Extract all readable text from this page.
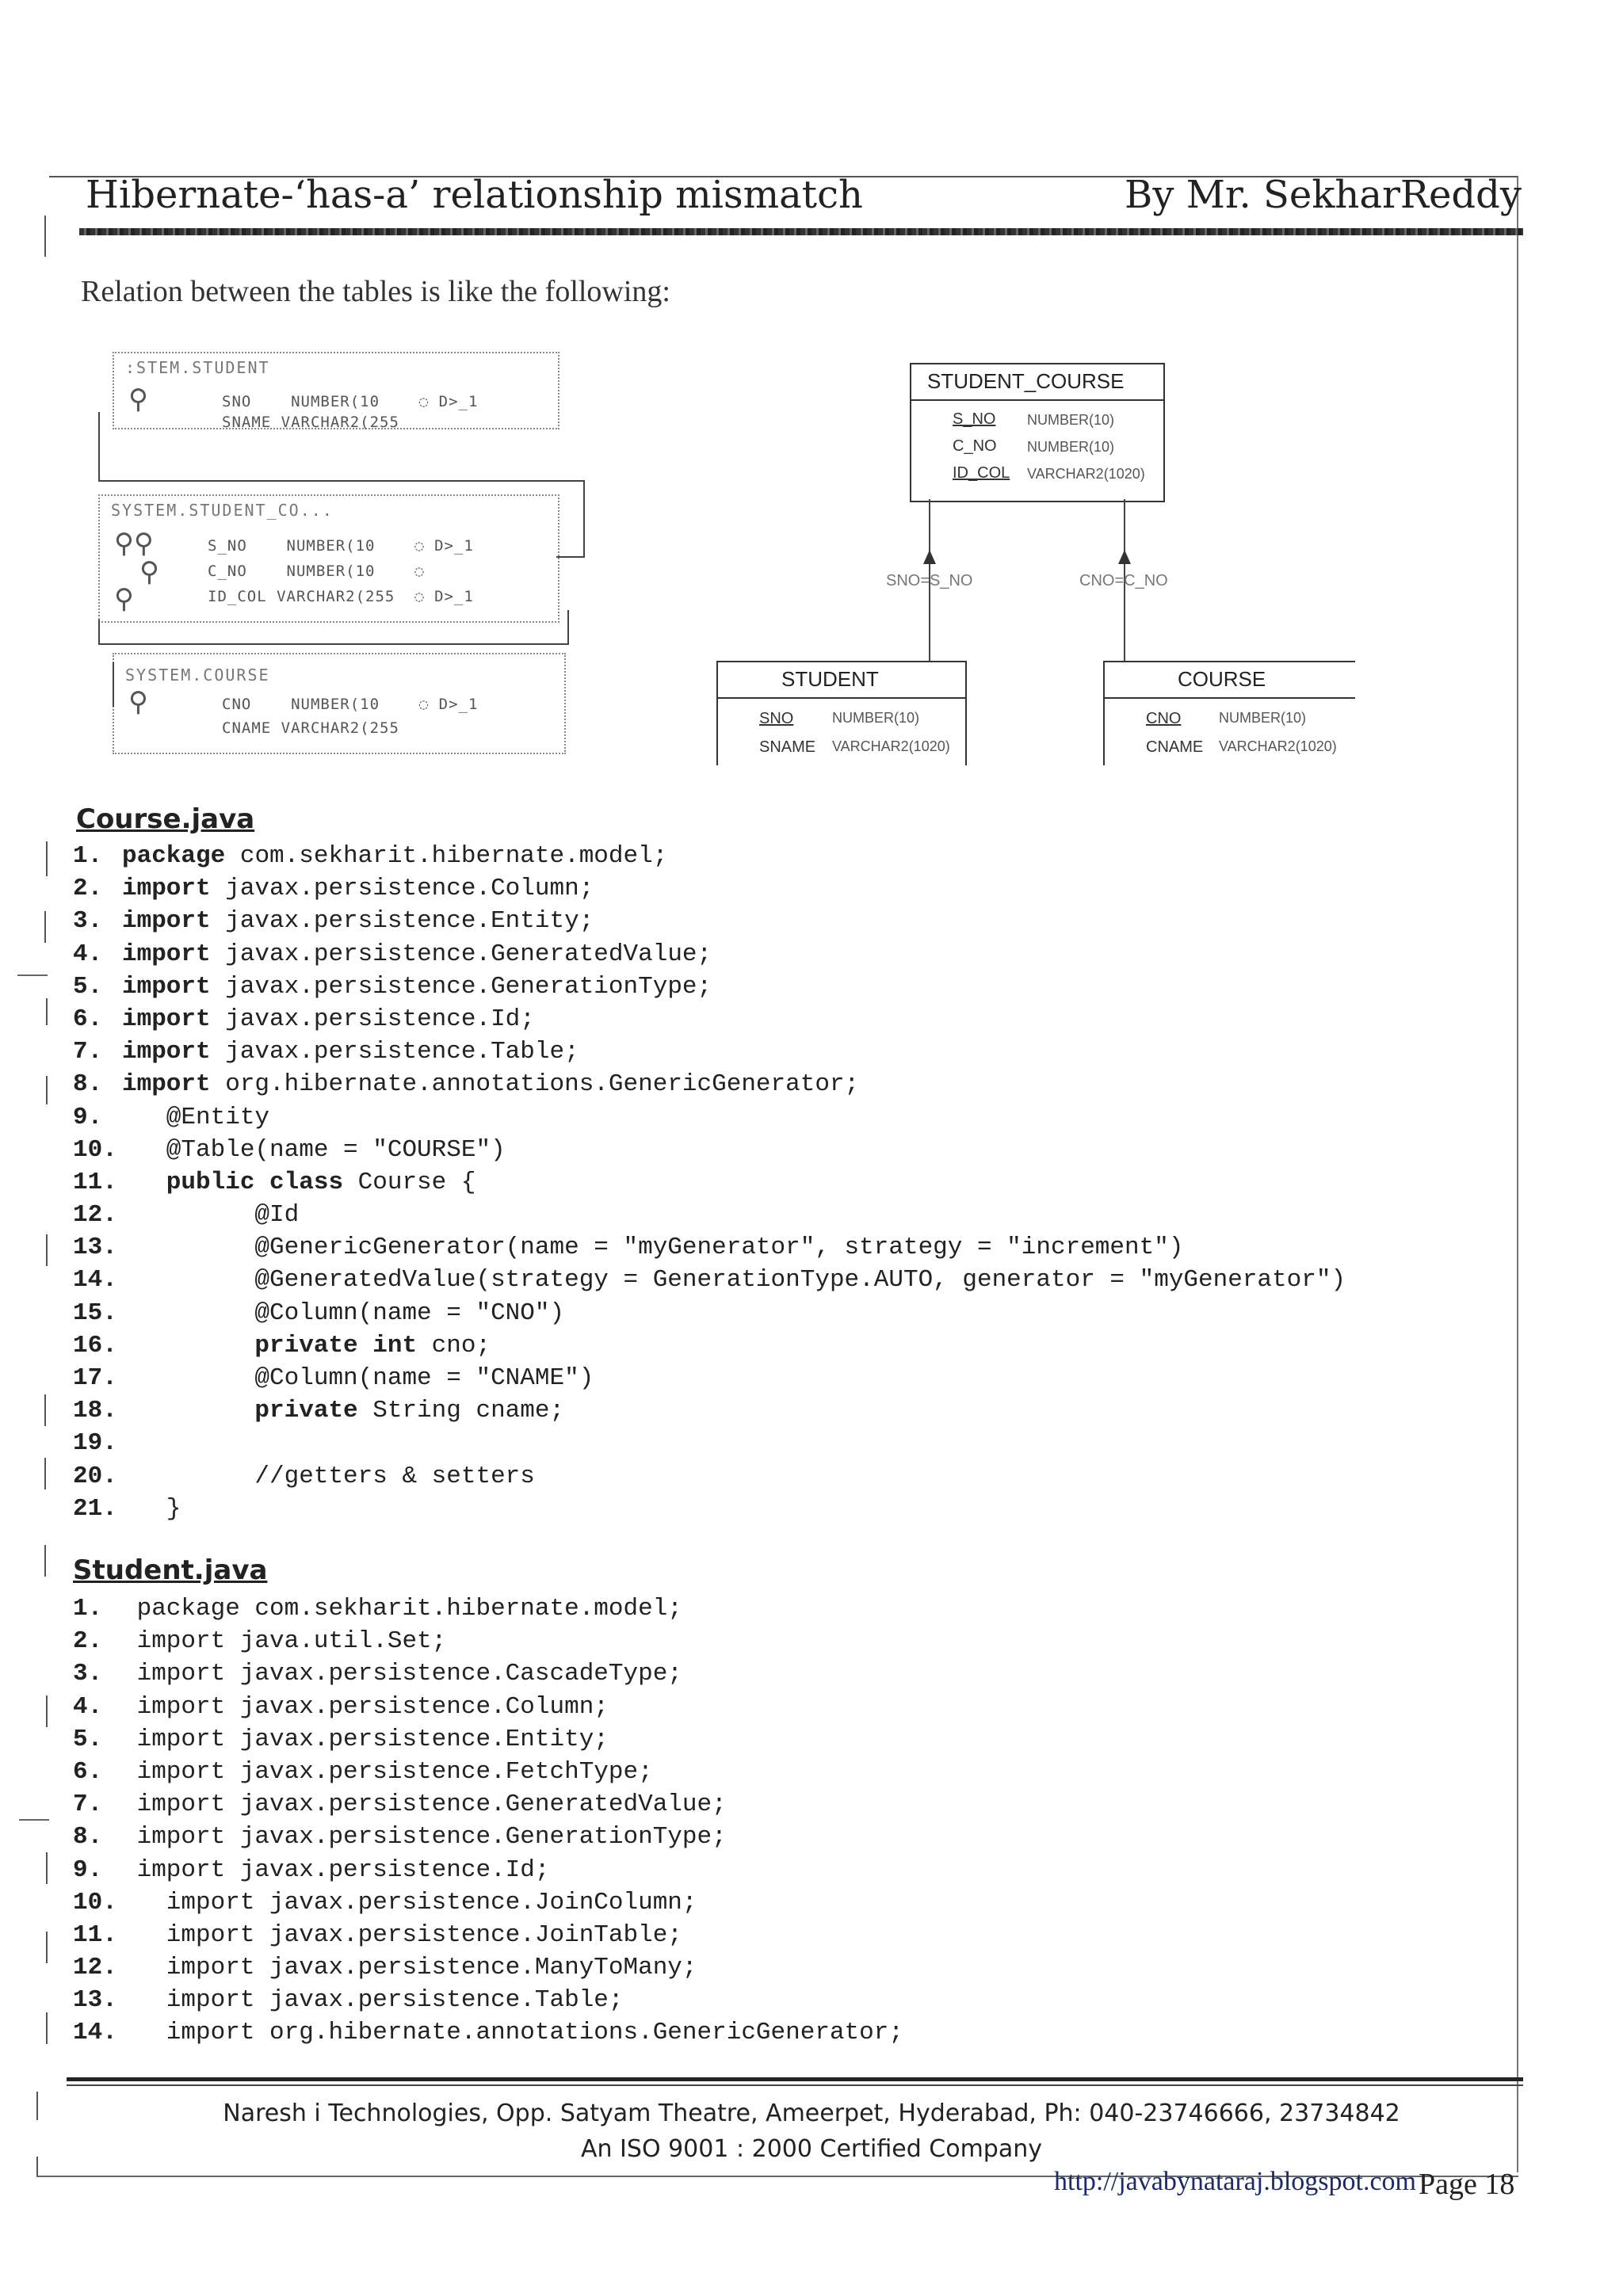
Hibernate-‘has-a’ relationship mismatch	By Mr. SekharReddy
Relation between the tables is like the following:
:STEM.STUDENT
⚲	SNO    NUMBER(10    ◌ D>_1
SNAME VARCHAR2(255
SYSTEM.STUDENT_CO...
⚲⚲
⚲
⚲
S_NO    NUMBER(10    ◌ D>_1
C_NO    NUMBER(10    ◌
ID_COL VARCHAR2(255  ◌ D>_1
SYSTEM.COURSE
⚲	CNO    NUMBER(10    ◌ D>_1
CNAME VARCHAR2(255
STUDENT_COURSE
S_NO NUMBER(10)
C_NO NUMBER(10)
ID_COL VARCHAR2(1020)
SNO=S_NO	CNO=C_NO
STUDENT
SNO	NUMBER(10)
SNAME VARCHAR2(1020)
COURSE
CNO	NUMBER(10)
CNAME VARCHAR2(1020)
Course.java
1. package com.sekharit.hibernate.model;
2. import javax.persistence.Column;
3. import javax.persistence.Entity;
4. import javax.persistence.GeneratedValue;
5. import javax.persistence.GenerationType;
6. import javax.persistence.Id;
7. import javax.persistence.Table;
8. import org.hibernate.annotations.GenericGenerator;
9.   @Entity
10.   @Table(name = "COURSE")
11.   public class Course {
12.         @Id
13.         @GenericGenerator(name = "myGenerator", strategy = "increment")
14.         @GeneratedValue(strategy = GenerationType.AUTO, generator = "myGenerator")
15.         @Column(name = "CNO")
16.         private int cno;
17.         @Column(name = "CNAME")
18.         private String cname;
19.
20.         //getters & setters
21.   }
Student.java
1. package com.sekharit.hibernate.model;
2. import java.util.Set;
3. import javax.persistence.CascadeType;
4. import javax.persistence.Column;
5. import javax.persistence.Entity;
6. import javax.persistence.FetchType;
7. import javax.persistence.GeneratedValue;
8. import javax.persistence.GenerationType;
9. import javax.persistence.Id;
10.   import javax.persistence.JoinColumn;
11.   import javax.persistence.JoinTable;
12.   import javax.persistence.ManyToMany;
13.   import javax.persistence.Table;
14.   import org.hibernate.annotations.GenericGenerator;
Naresh i Technologies, Opp. Satyam Theatre, Ameerpet, Hyderabad, Ph: 040-23746666, 23734842
An ISO 9001 : 2000 Certified Company
http://javabynataraj.blogspot.com Page 18
